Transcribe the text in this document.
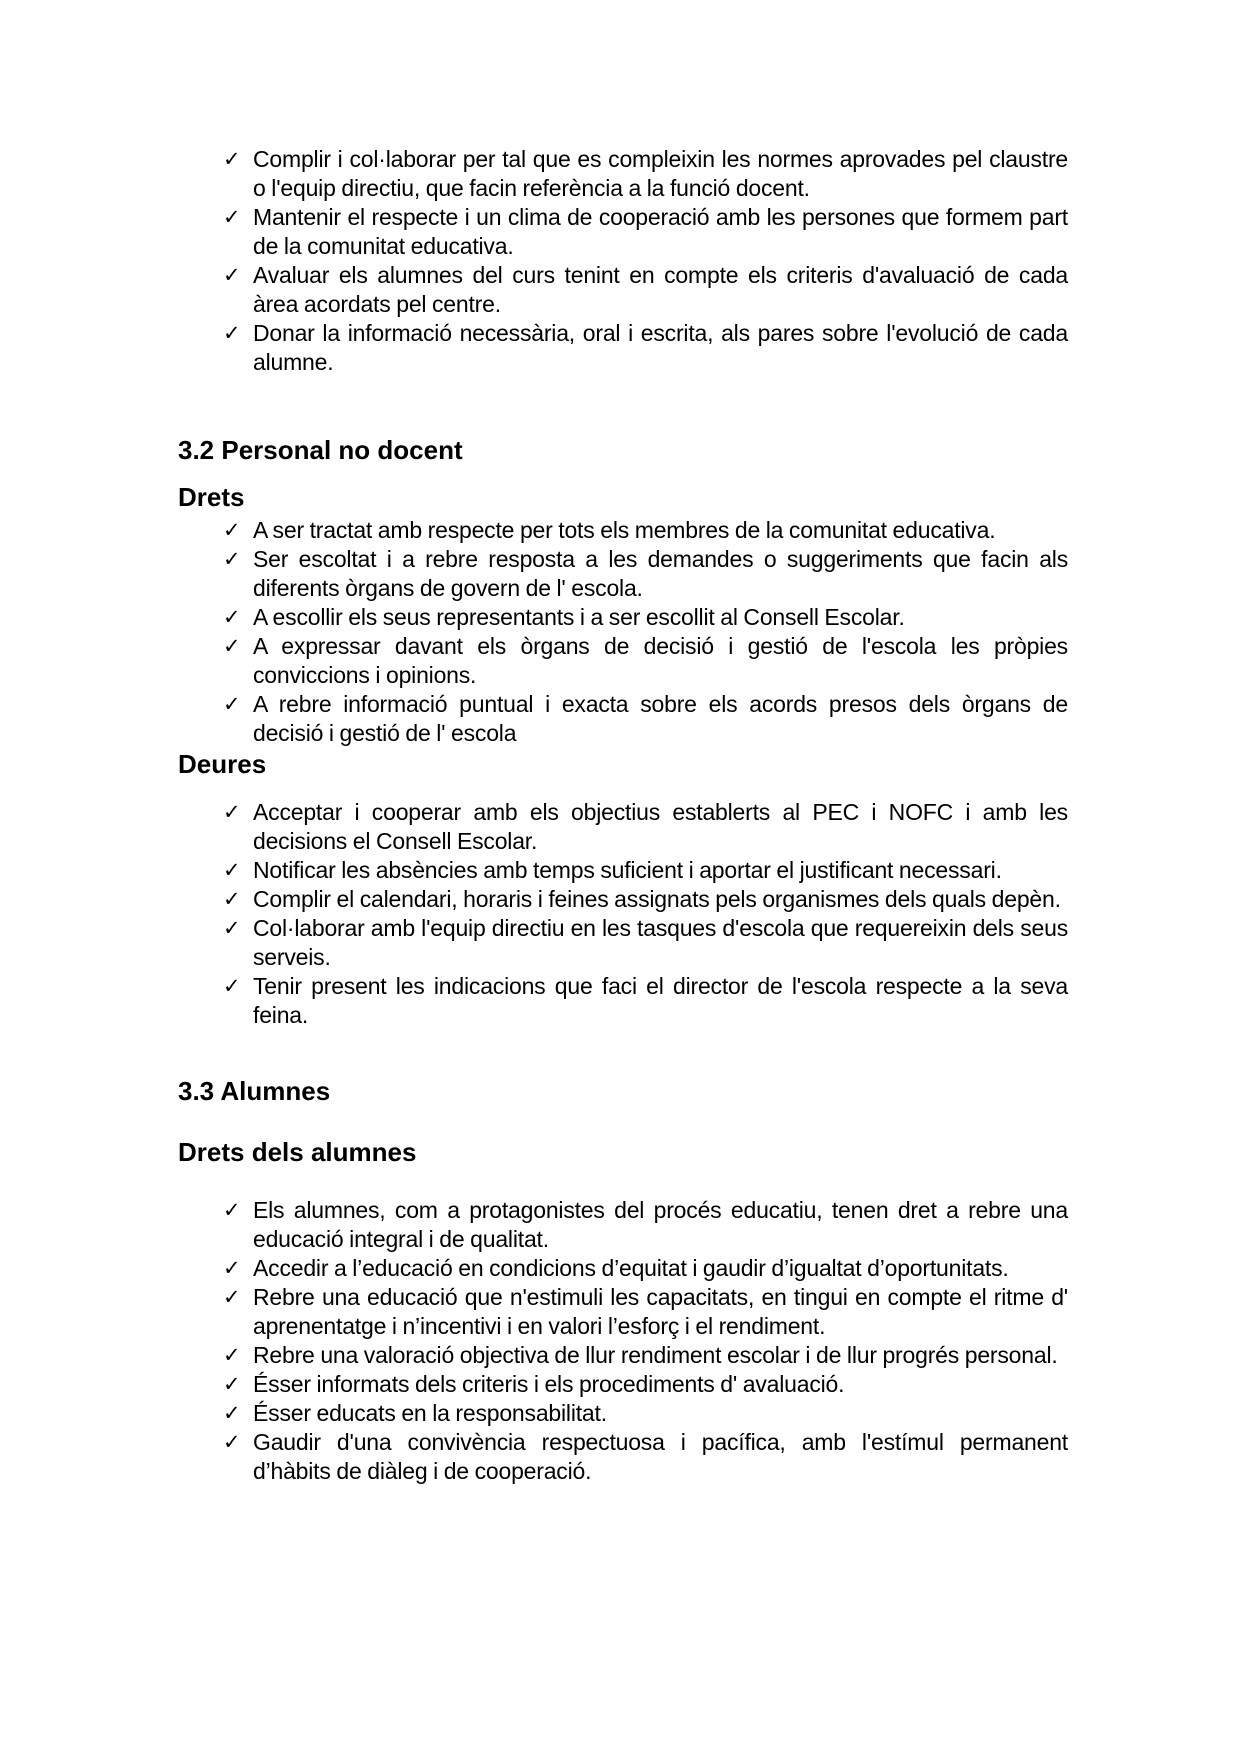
✓ Complir i col·laborar per tal que es compleixin les normes aprovades pel claustre o l'equip directiu, que facin referència a la funció docent.
✓ Mantenir el respecte i un clima de cooperació amb les persones que formem part de la comunitat educativa.
✓ Avaluar els alumnes del curs tenint en compte els criteris d'avaluació de cada àrea acordats pel centre.
✓ Donar la informació necessària, oral i escrita, als pares sobre l'evolució de cada alumne.
3.2 Personal no docent
Drets
✓ A ser tractat amb respecte per tots els membres de la comunitat educativa.
✓ Ser escoltat i a rebre resposta a les demandes o suggeriments que facin als diferents òrgans de govern de l' escola.
✓ A escollir els seus representants i a ser escollit al Consell Escolar.
✓ A expressar davant els òrgans de decisió i gestió de l'escola les pròpies conviccions i opinions.
✓ A rebre informació puntual i exacta sobre els acords presos dels òrgans de decisió i gestió de l' escola
Deures
✓ Acceptar i cooperar amb els objectius establerts al PEC i NOFC i amb les decisions el Consell Escolar.
✓ Notificar les absències amb temps suficient i aportar el justificant necessari.
✓ Complir el calendari, horaris i feines assignats pels organismes dels quals depèn.
✓ Col·laborar amb l'equip directiu en les tasques d'escola que requereixin dels seus serveis.
✓ Tenir present les indicacions que faci el director de l'escola respecte a la seva feina.
3.3 Alumnes
Drets dels alumnes
✓ Els alumnes, com a protagonistes del procés educatiu, tenen dret a rebre una educació integral i de qualitat.
✓ Accedir a l’educació en condicions d’equitat i gaudir d’igualtat d’oportunitats.
✓ Rebre una educació que n'estimuli les capacitats, en tingui en compte el ritme d' aprenentatge i n’incentivi i en valori l’esforç i el rendiment.
✓ Rebre una valoració objectiva de llur rendiment escolar i de llur progrés personal.
✓ Ésser informats dels criteris i els procediments d' avaluació.
✓ Ésser educats en la responsabilitat.
✓ Gaudir d'una convivència respectuosa i pacífica, amb l'estímul permanent d’hàbits de diàleg i de cooperació.
